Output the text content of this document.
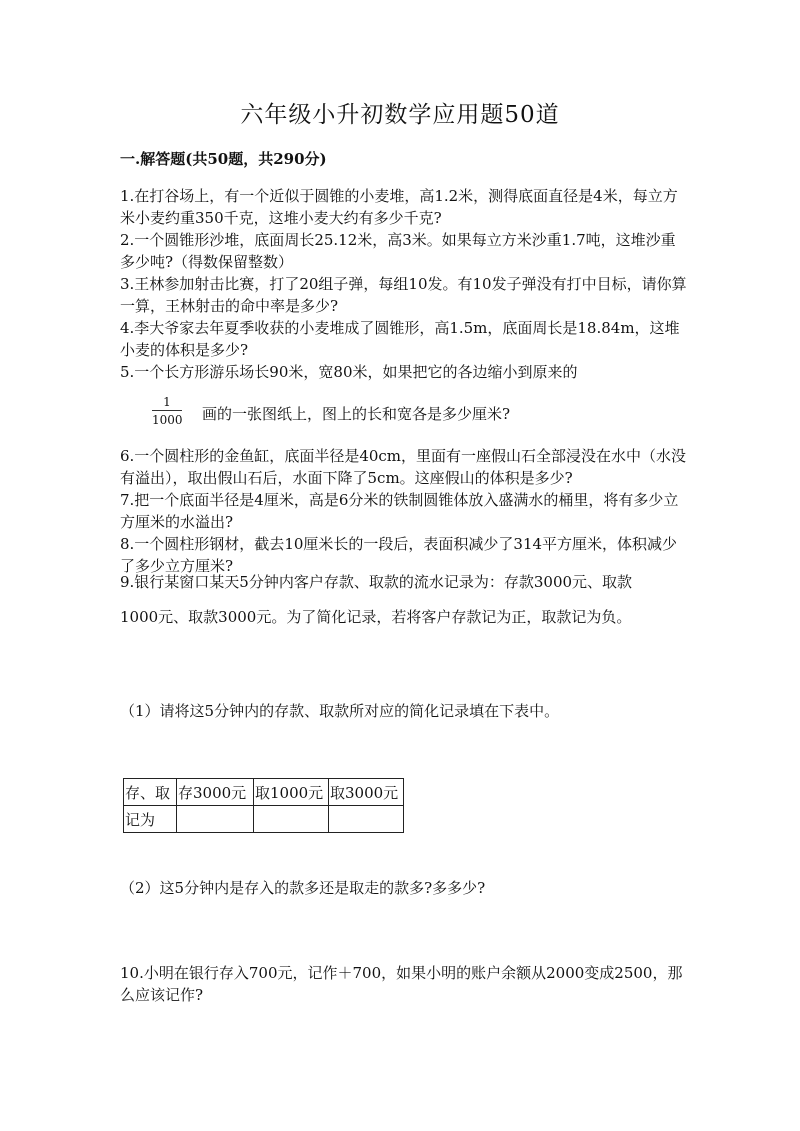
六年级小升初数学应用题50道
一.解答题(共50题，共290分)

1.在打谷场上，有一个近似于圆锥的小麦堆，高1.2米，测得底面直径是4米，每立方米小麦约重350千克，这堆小麦大约有多少千克?

2.一个圆锥形沙堆，底面周长25.12米，高3米。如果每立方米沙重1.7吨，这堆沙重多少吨?（得数保留整数）

3.王林参加射击比赛，打了20组子弹，每组10发。有10发子弹没有打中目标，请你算一算，王林射击的命中率是多少?

4.李大爷家去年夏季收获的小麦堆成了圆锥形，高1.5m，底面周长是18.84m，这堆小麦的体积是多少?

5.一个长方形游乐场长90米，宽80米，如果把它的各边缩小到原来的

1
1000 画的一张图纸上，图上的长和宽各是多少厘米?

6.一个圆柱形的金鱼缸，底面半径是40cm，里面有一座假山石全部浸没在水中（水没有溢出），取出假山石后，水面下降了5cm。这座假山的体积是多少?

7.把一个底面半径是4厘米，高是6分米的铁制圆锥体放入盛满水的桶里，将有多少立方厘米的水溢出?

8.一个圆柱形钢材，截去10厘米长的一段后，表面积减少了314平方厘米，体积减少了多少立方厘米?

9.银行某窗口某天5分钟内客户存款、取款的流水记录为：存款3000元、取款

1000元、取款3000元。为了简化记录，若将客户存款记为正，取款记为负。

（1）请将这5分钟内的存款、取款所对应的简化记录填在下表中。

存、取	存3000元	取1000元	取3000元
记为			

（2）这5分钟内是存入的款多还是取走的款多?多多少?

10.小明在银行存入700元，记作＋700，如果小明的账户余额从2000变成2500，那么应该记作?
